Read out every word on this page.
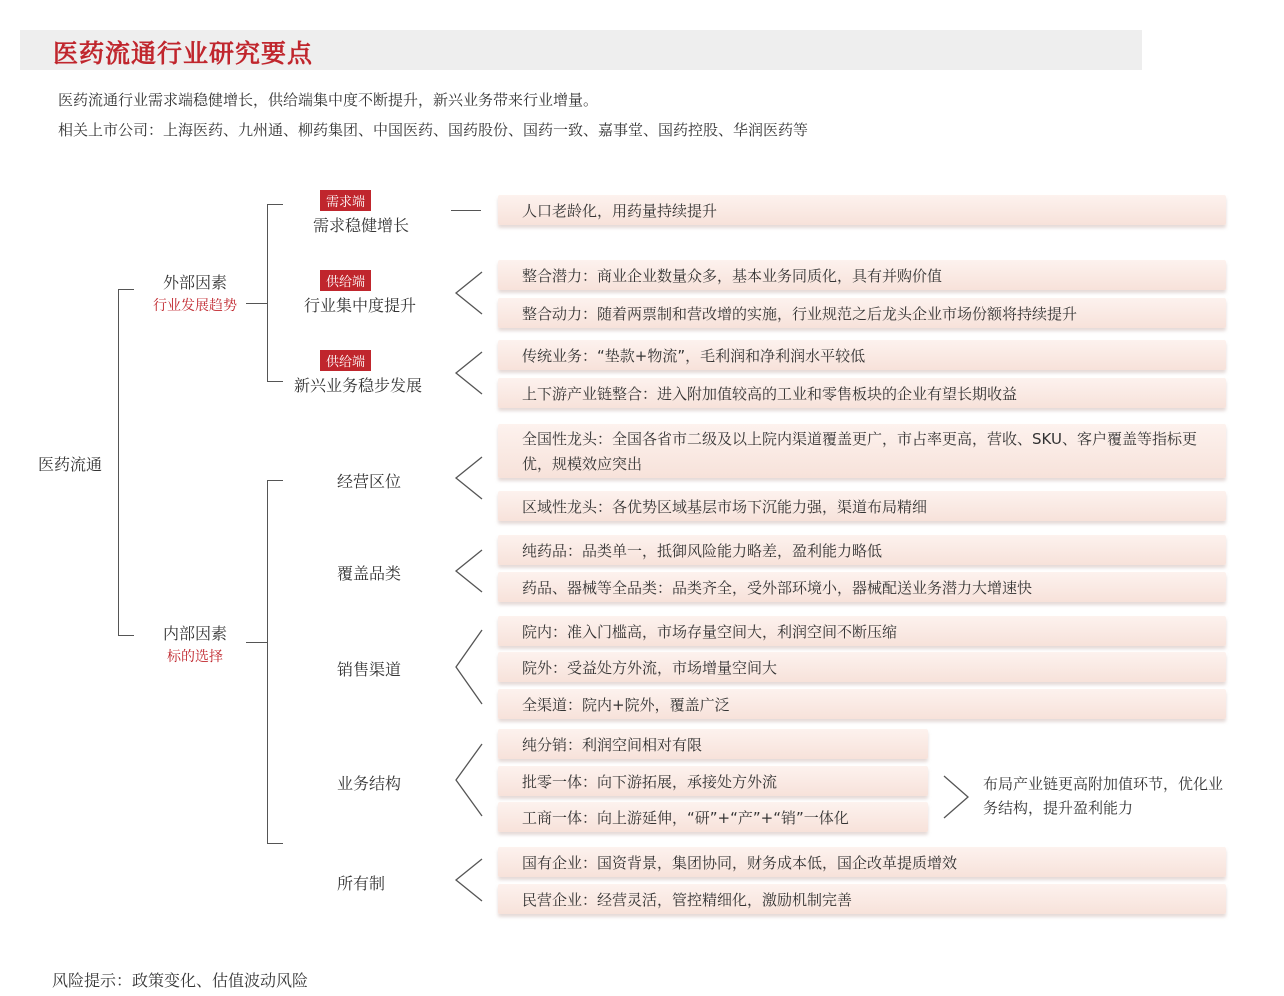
医药流通行业研究要点
医药流通行业需求端稳健增长，供给端集中度不断提升，新兴业务带来行业增量。
相关上市公司：上海医药、九州通、柳药集团、中国医药、国药股份、国药一致、嘉事堂、国药控股、华润医药等
医药流通
外部因素
行业发展趋势
需求端
需求稳健增长
供给端
行业集中度提升
供给端
新兴业务稳步发展
人口老龄化，用药量持续提升
整合潜力：商业企业数量众多，基本业务同质化，具有并购价值
整合动力：随着两票制和营改增的实施，行业规范之后龙头企业市场份额将持续提升
传统业务：“垫款+物流”，毛利润和净利润水平较低
上下游产业链整合：进入附加值较高的工业和零售板块的企业有望长期收益
内部因素
标的选择
经营区位
覆盖品类
销售渠道
业务结构
所有制
全国性龙头：全国各省市二级及以上院内渠道覆盖更广，市占率更高，营收、SKU、客户覆盖等指标更优，规模效应突出
区域性龙头：各优势区域基层市场下沉能力强，渠道布局精细
纯药品：品类单一，抵御风险能力略差，盈利能力略低
药品、器械等全品类：品类齐全，受外部环境小，器械配送业务潜力大增速快
院内：准入门槛高，市场存量空间大，利润空间不断压缩
院外：受益处方外流，市场增量空间大
全渠道：院内+院外，覆盖广泛
纯分销：利润空间相对有限
批零一体：向下游拓展，承接处方外流
工商一体：向上游延伸，“研”+“产”+“销”一体化
布局产业链更高附加值环节，优化业务结构，提升盈利能力
国有企业：国资背景，集团协同，财务成本低，国企改革提质增效
民营企业：经营灵活，管控精细化，激励机制完善
风险提示：政策变化、估值波动风险
